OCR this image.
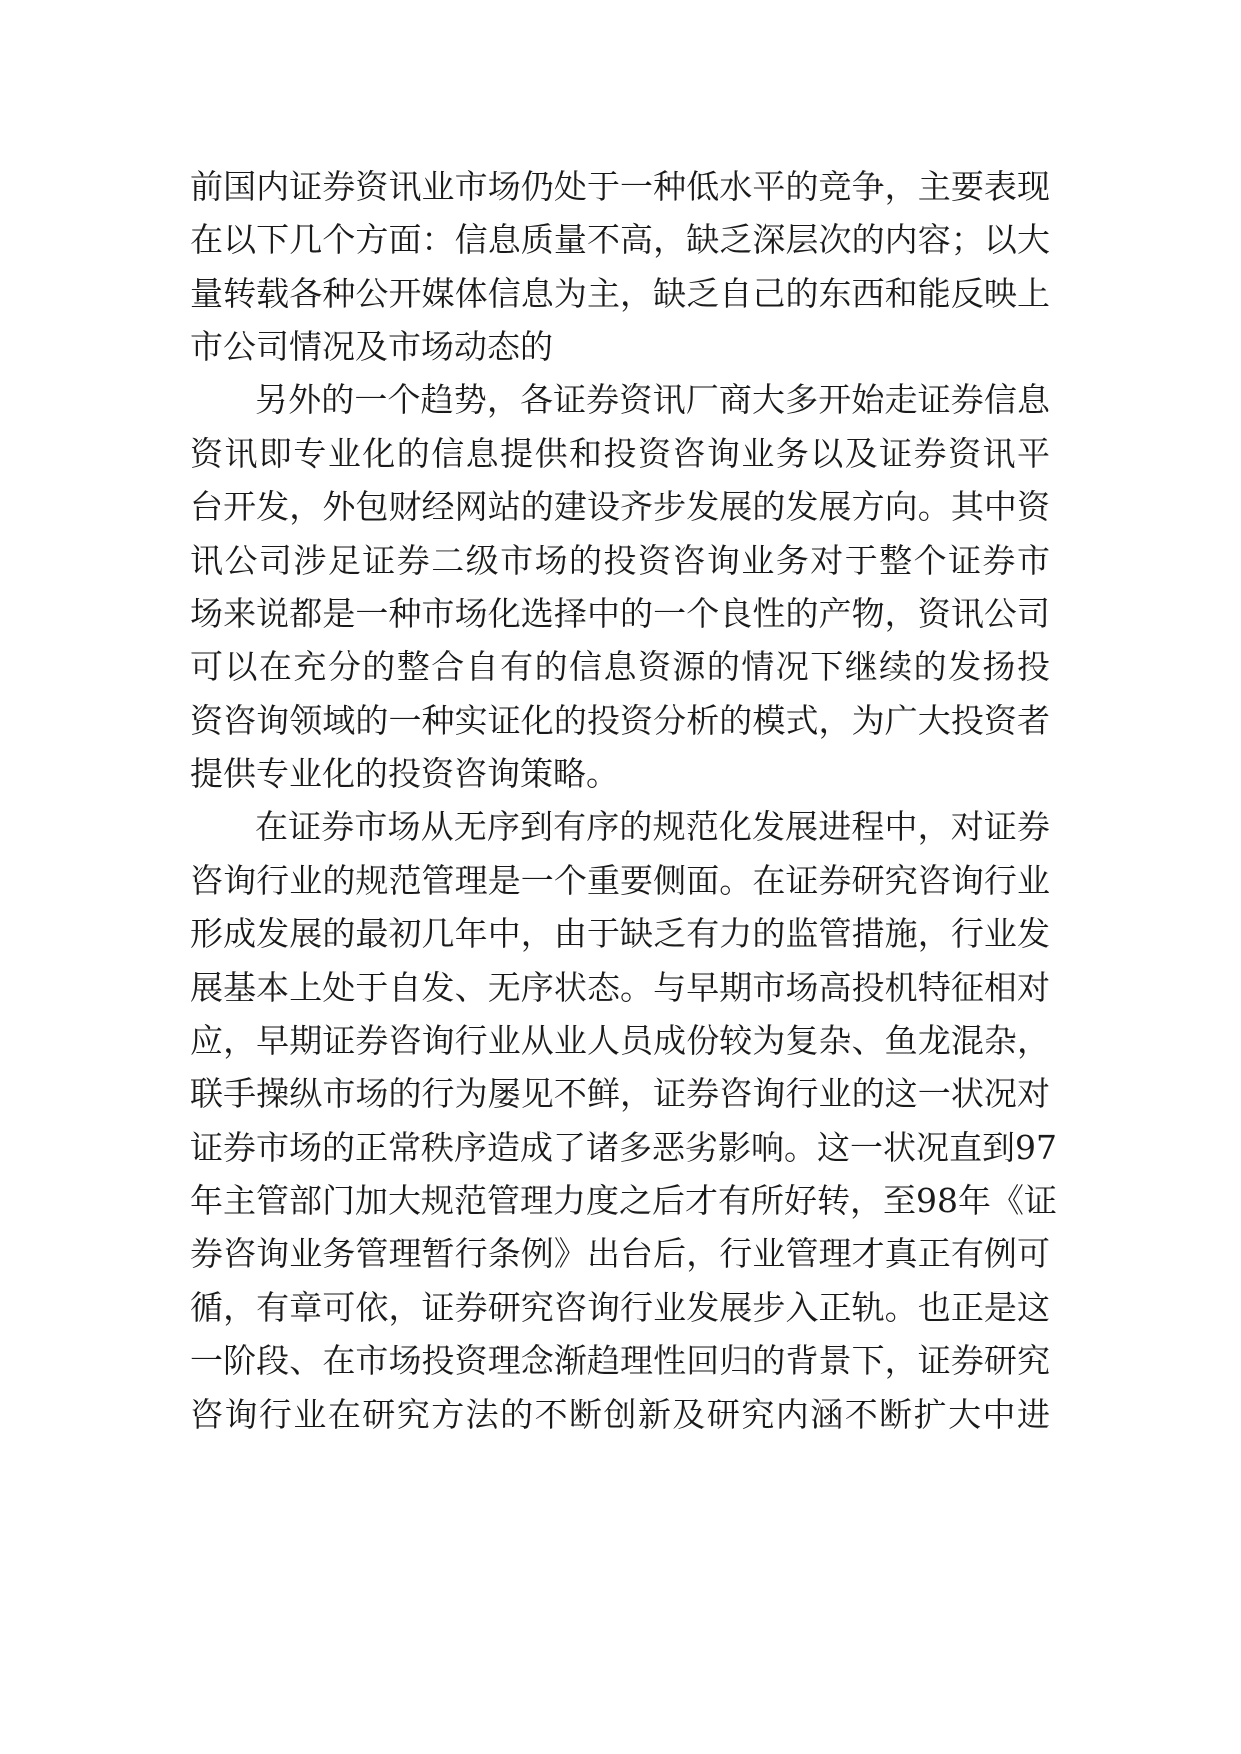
前国内证券资讯业市场仍处于一种低水平的竞争，主要表现
在以下几个方面：信息质量不高，缺乏深层次的内容；以大
量转载各种公开媒体信息为主，缺乏自己的东西和能反映上
市公司情况及市场动态的
另外的一个趋势，各证券资讯厂商大多开始走证券信息
资讯即专业化的信息提供和投资咨询业务以及证券资讯平
台开发，外包财经网站的建设齐步发展的发展方向。其中资
讯公司涉足证券二级市场的投资咨询业务对于整个证券市
场来说都是一种市场化选择中的一个良性的产物，资讯公司
可以在充分的整合自有的信息资源的情况下继续的发扬投
资咨询领域的一种实证化的投资分析的模式，为广大投资者
提供专业化的投资咨询策略。
在证券市场从无序到有序的规范化发展进程中，对证券
咨询行业的规范管理是一个重要侧面。在证券研究咨询行业
形成发展的最初几年中，由于缺乏有力的监管措施，行业发
展基本上处于自发、无序状态。与早期市场高投机特征相对
应，早期证券咨询行业从业人员成份较为复杂、鱼龙混杂，
联手操纵市场的行为屡见不鲜，证券咨询行业的这一状况对
证券市场的正常秩序造成了诸多恶劣影响。这一状况直到97
年主管部门加大规范管理力度之后才有所好转，至98年《证
券咨询业务管理暂行条例》出台后，行业管理才真正有例可
循，有章可依，证券研究咨询行业发展步入正轨。也正是这
一阶段、在市场投资理念渐趋理性回归的背景下，证券研究
咨询行业在研究方法的不断创新及研究内涵不断扩大中进
